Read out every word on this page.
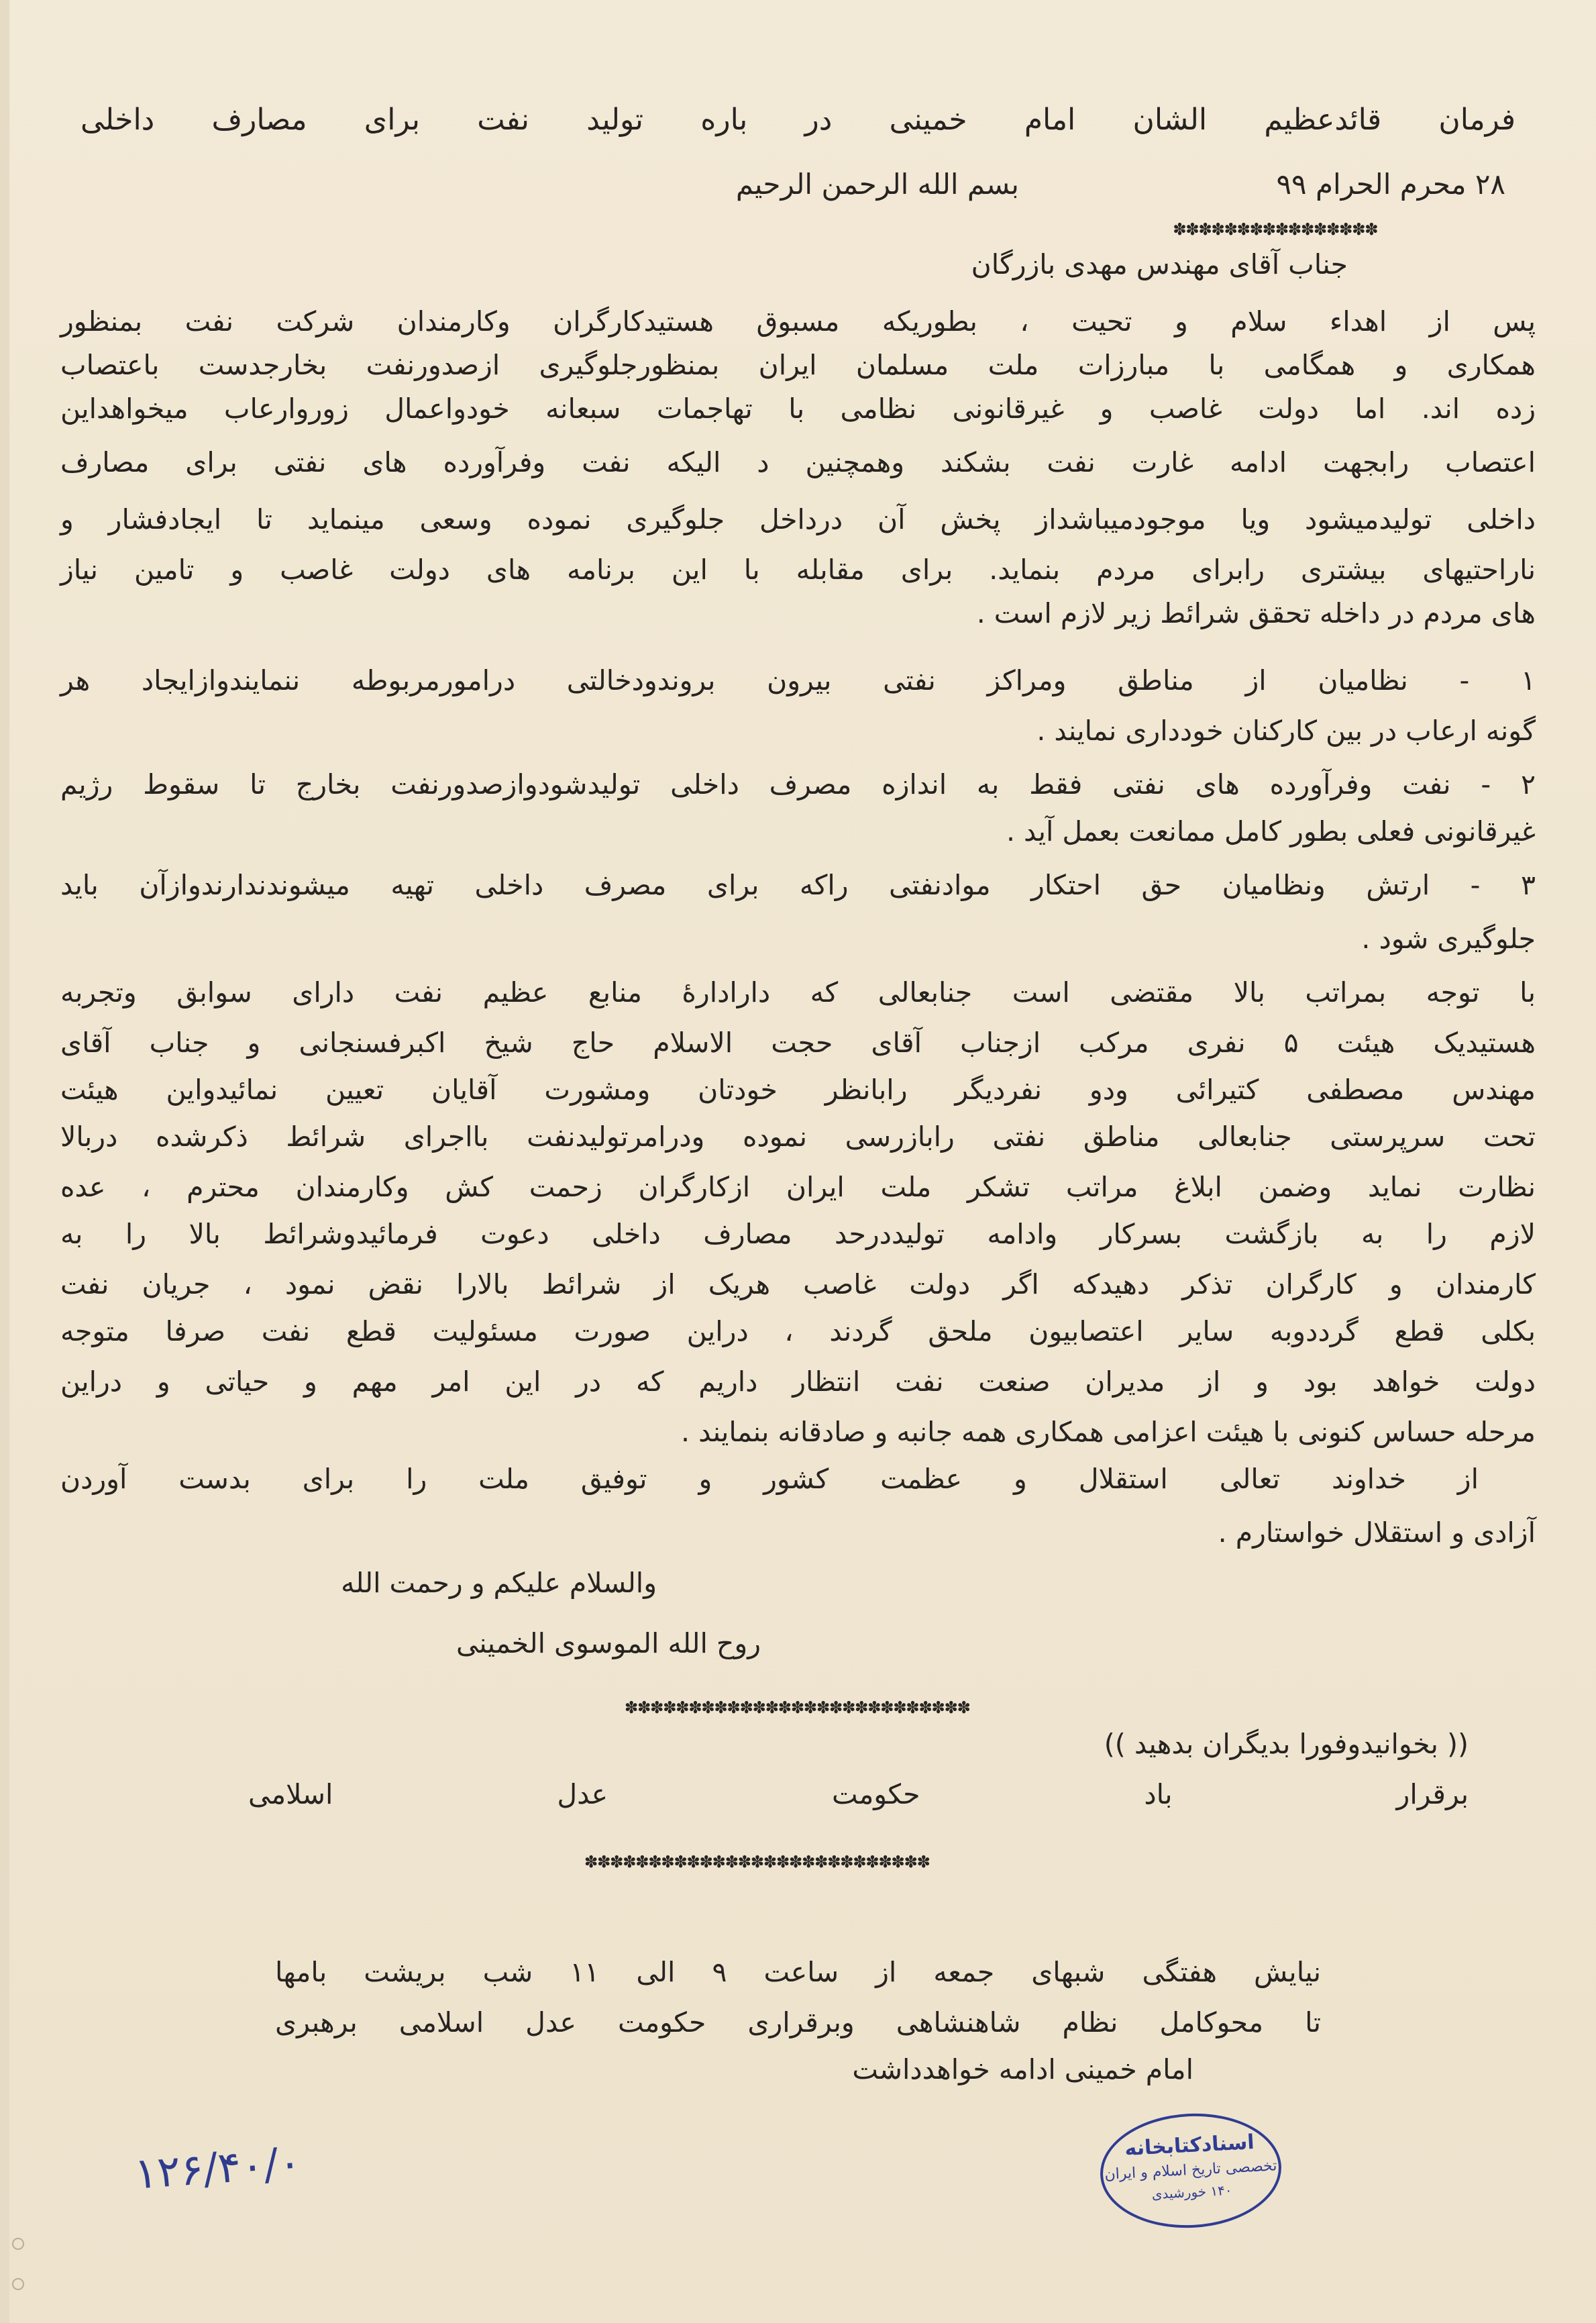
فرمان قائدعظیم الشان امام خمینی در باره تولید نفت برای مصارف داخلی
۲۸ محرم الحرام ۹۹
بسم الله الرحمن الرحیم
✽✽✽✽✽✽✽✽✽✽✽✽✽✽✽✽
جناب آقای مهندس مهدی بازرگان
پس از اهداء سلام و تحیت ، بطوریکه مسبوق هستیدکارگران وکارمندان شرکت نفت بمنظور
همکاری و همگامی با مبارزات ملت مسلمان ایران بمنظورجلوگیری ازصدورنفت بخارجدست باعتصاب
زده اند. اما دولت غاصب و غیرقانونی نظامی با تهاجمات سبعانه خودواعمال زوروارعاب میخواهداین
اعتصاب رابجهت ادامه غارت نفت بشکند وهمچنین د الیکه نفت وفرآورده های نفتی برای مصارف
داخلی تولیدمیشود ویا موجودمیباشداز پخش آن درداخل جلوگیری نموده وسعی مینماید تا ایجادفشار و
ناراحتیهای بیشتری رابرای مردم بنماید. برای مقابله با این برنامه های دولت غاصب و تامین نیاز
های مردم در داخله تحقق شرائط زیر لازم است .
۱ - نظامیان از مناطق ومراکز نفتی بیرون بروندودخالتی درامورمربوطه ننمایندوازایجاد هر
گونه ارعاب در بین کارکنان خودداری نمایند .
۲ - نفت وفرآورده های نفتی فقط به اندازه مصرف داخلی تولیدشودوازصدورنفت بخارج تا سقوط رژیم
غیرقانونی فعلی بطور کامل ممانعت بعمل آید .
۳ - ارتش ونظامیان حق احتکار موادنفتی راکه برای مصرف داخلی تهیه میشوندندارندوازآن باید
جلوگیری شود .
با توجه بمراتب بالا مقتضی است جنابعالی که دارادارهٔ منابع عظیم نفت دارای سوابق وتجربه
هستیدیک هیئت ۵ نفری مرکب ازجناب آقای حجت الاسلام حاج شیخ اکبرفسنجانی و جناب آقای
مهندس مصطفی کتیرائی ودو نفردیگر رابانظر خودتان ومشورت آقایان تعیین نمائیدواین هیئت
تحت سرپرستی جنابعالی مناطق نفتی رابازرسی نموده ودرامرتولیدنفت بااجرای شرائط ذکرشده دربالا
نظارت نماید وضمن ابلاغ مراتب تشکر ملت ایران ازکارگران زحمت کش وکارمندان محترم ، عده
لازم را به بازگشت بسرکار وادامه تولیددرحد مصارف داخلی دعوت فرمائیدوشرائط بالا را به
کارمندان و کارگران تذکر دهیدکه اگر دولت غاصب هریک از شرائط بالارا نقض نمود ، جریان نفت
بکلی قطع گرددوبه سایر اعتصابیون ملحق گردند ، دراین صورت مسئولیت قطع نفت صرفا متوجه
دولت خواهد بود و از مدیران صنعت نفت انتظار داریم که در این امر مهم و حیاتی و دراین
مرحله حساس کنونی با هیئت اعزامی همکاری همه جانبه و صادقانه بنمایند .
از خداوند تعالی استقلال و عظمت کشور و توفیق ملت را برای بدست آوردن
آزادی و استقلال خواستارم .
والسلام علیکم و رحمت الله
روح الله الموسوی الخمینی
✽✽✽✽✽✽✽✽✽✽✽✽✽✽✽✽✽✽✽✽✽✽✽✽✽✽✽
(( بخوانیدوفورا بدیگران بدهید ))
برقرار باد حکومت عدل اسلامی
✽✽✽✽✽✽✽✽✽✽✽✽✽✽✽✽✽✽✽✽✽✽✽✽✽✽✽
نیایش هفتگی شبهای جمعه از ساعت ۹ الی ۱۱ شب بریشت بامها
تا محوکامل نظام شاهنشاهی وبرقراری حکومت عدل اسلامی برهبری
امام خمینی ادامه خواهدداشت
۱۲۶/۴۰/۰	اسنادکتابخانه
تخصصی تاریخ اسلام و ایران
۱۴۰ خورشیدی
